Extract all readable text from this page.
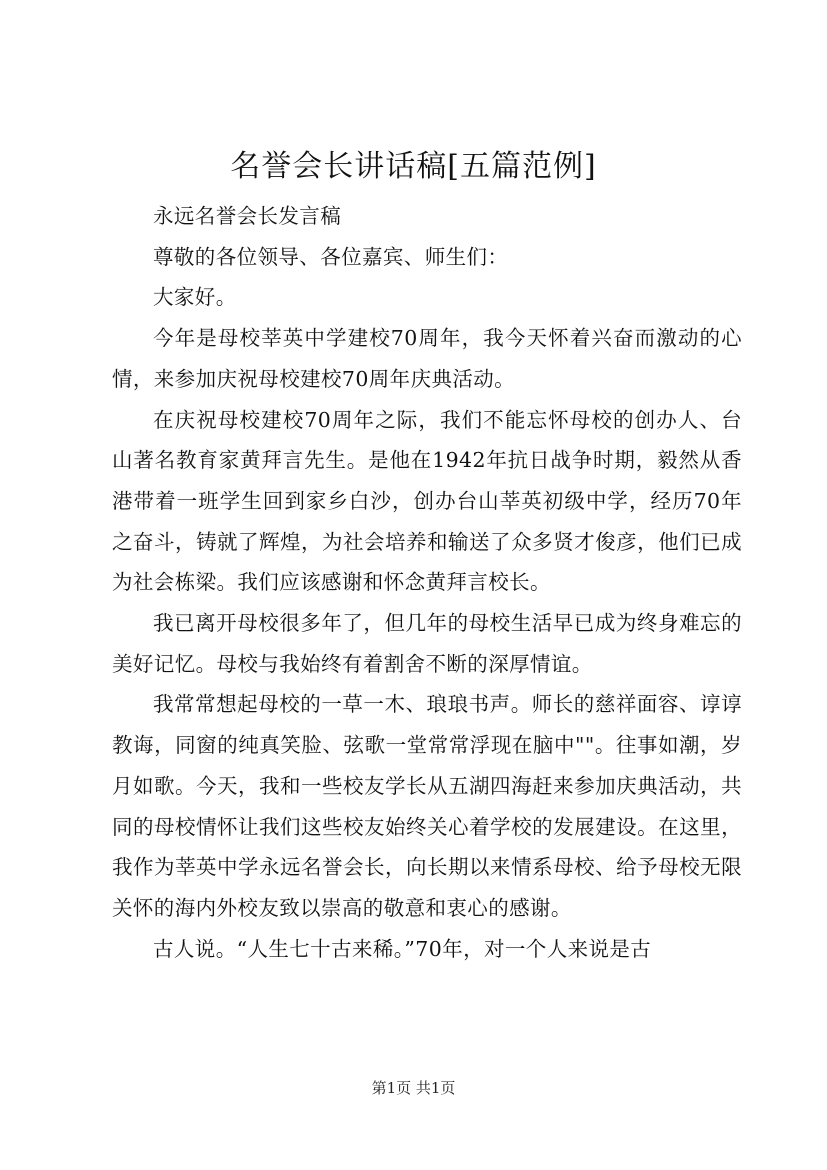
名誉会长讲话稿[五篇范例]

永远名誉会长发言稿

尊敬的各位领导、各位嘉宾、师生们：

大家好。

今年是母校莘英中学建校70周年，我今天怀着兴奋而激动的心情，来参加庆祝母校建校70周年庆典活动。

在庆祝母校建校70周年之际，我们不能忘怀母校的创办人、台山著名教育家黄拜言先生。是他在1942年抗日战争时期，毅然从香港带着一班学生回到家乡白沙，创办台山莘英初级中学，经历70年之奋斗，铸就了辉煌，为社会培养和输送了众多贤才俊彦，他们已成为社会栋梁。我们应该感谢和怀念黄拜言校长。

我已离开母校很多年了，但几年的母校生活早已成为终身难忘的美好记忆。母校与我始终有着割舍不断的深厚情谊。

我常常想起母校的一草一木、琅琅书声。师长的慈祥面容、谆谆教诲，同窗的纯真笑脸、弦歌一堂常常浮现在脑中""。往事如潮，岁月如歌。今天，我和一些校友学长从五湖四海赶来参加庆典活动，共同的母校情怀让我们这些校友始终关心着学校的发展建设。在这里，我作为莘英中学永远名誉会长，向长期以来情系母校、给予母校无限关怀的海内外校友致以崇高的敬意和衷心的感谢。

古人说。“人生七十古来稀。”70年，对一个人来说是古

第1页 共1页
